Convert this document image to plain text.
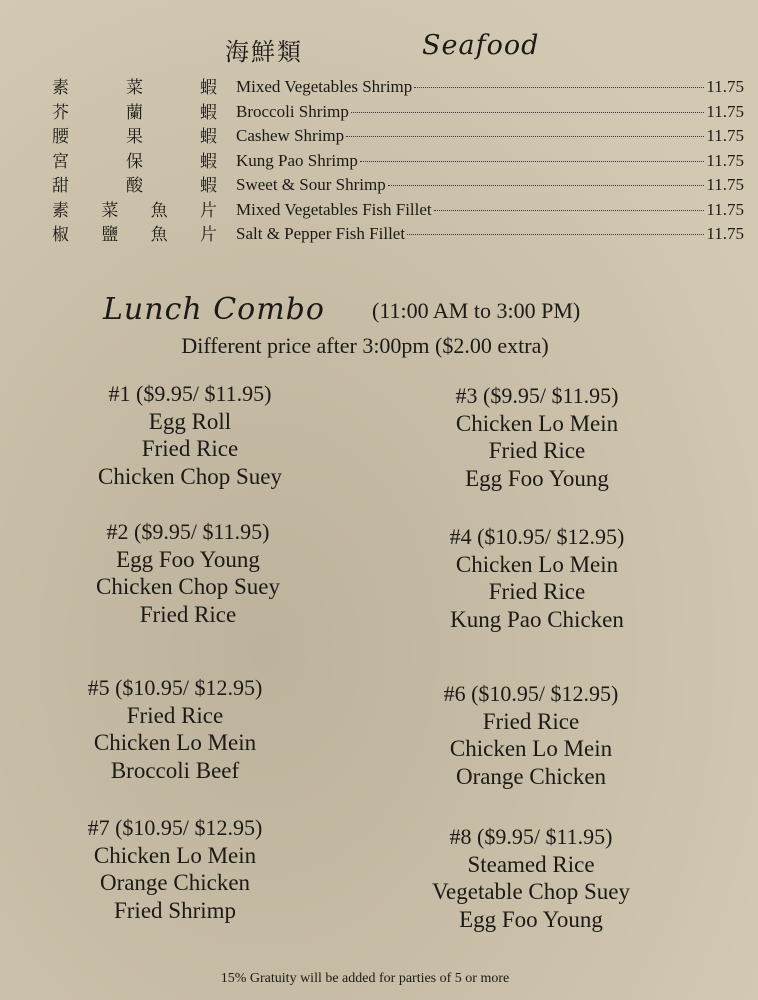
海鮮類	Seafood
素	菜	蝦 Mixed Vegetables Shrimp	11.75
芥	蘭	蝦 Broccoli Shrimp	11.75
腰	果	蝦 Cashew Shrimp	11.75
宮	保	蝦 Kung Pao Shrimp	11.75
甜	酸	蝦 Sweet & Sour Shrimp	11.75
素 菜 魚 片 Mixed Vegetables Fish Fillet	11.75
椒 鹽 魚 片 Salt & Pepper Fish Fillet	11.75
Lunch Combo (11:00 AM to 3:00 PM)
Different price after 3:00pm ($2.00 extra)
#1 ($9.95/ $11.95)
Egg Roll
Fried Rice
Chicken Chop Suey
#3 ($9.95/ $11.95)
Chicken Lo Mein
Fried Rice
Egg Foo Young
#2 ($9.95/ $11.95)
Egg Foo Young
Chicken Chop Suey
Fried Rice
#4 ($10.95/ $12.95)
Chicken Lo Mein
Fried Rice
Kung Pao Chicken
#5 ($10.95/ $12.95)
Fried Rice
Chicken Lo Mein
Broccoli Beef
#6 ($10.95/ $12.95)
Fried Rice
Chicken Lo Mein
Orange Chicken
#7 ($10.95/ $12.95)
Chicken Lo Mein
Orange Chicken
Fried Shrimp
#8 ($9.95/ $11.95)
Steamed Rice
Vegetable Chop Suey
Egg Foo Young
15% Gratuity will be added for parties of 5 or more
